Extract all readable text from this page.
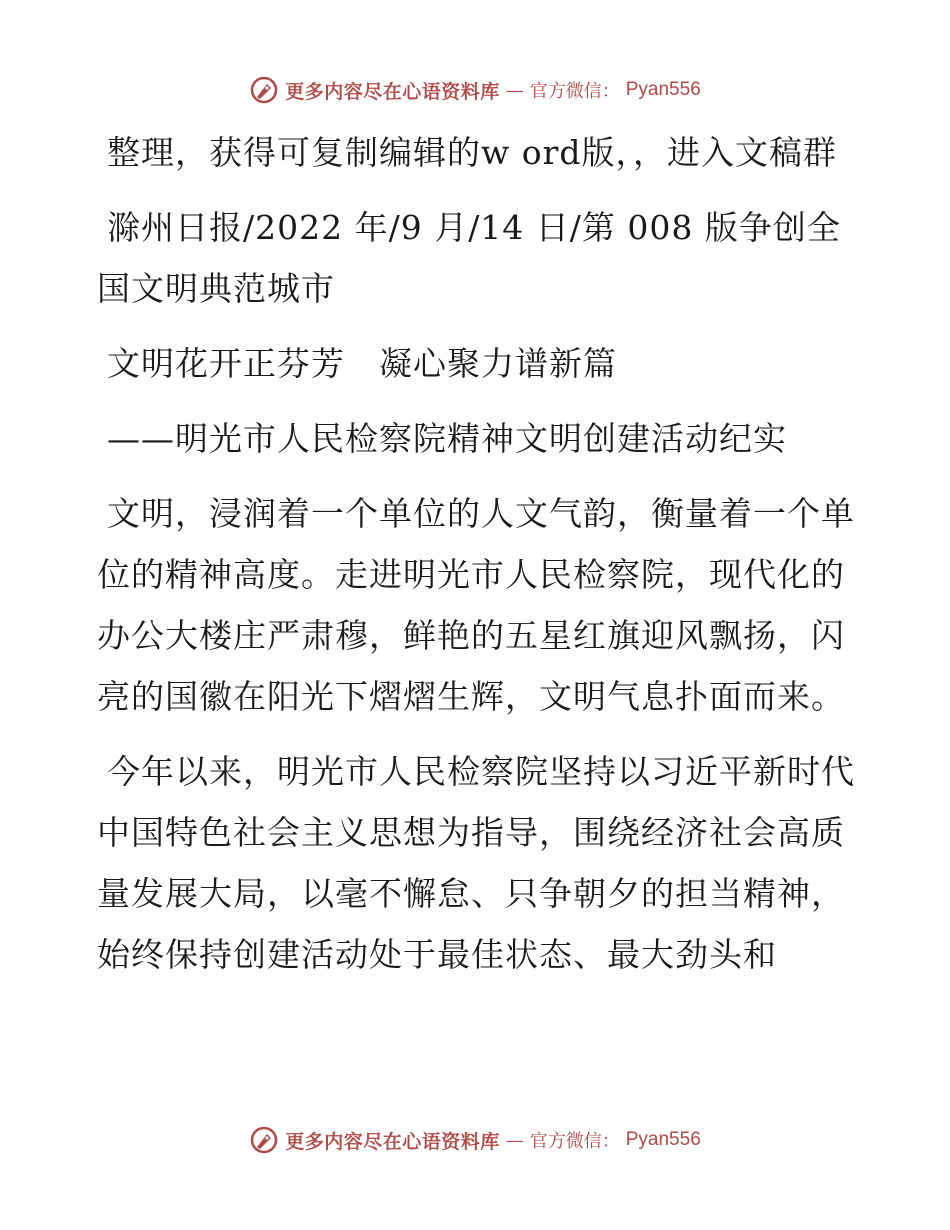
更多内容尽在心语资料库 — 官方微信： Pyan556

整理，获得可复制编辑的w ord版，，进入文稿群

滁州日报/2022 年/9 月/14 日/第 008 版争创全国文明典范城市

文明花开正芬芳　凝心聚力谱新篇

——明光市人民检察院精神文明创建活动纪实

文明，浸润着一个单位的人文气韵，衡量着一个单位的精神高度。走进明光市人民检察院，现代化的办公大楼庄严肃穆，鲜艳的五星红旗迎风飘扬，闪亮的国徽在阳光下熠熠生辉，文明气息扑面而来。

今年以来，明光市人民检察院坚持以习近平新时代中国特色社会主义思想为指导，围绕经济社会高质量发展大局，以毫不懈怠、只争朝夕的担当精神，始终保持创建活动处于最佳状态、最大劲头和

更多内容尽在心语资料库 — 官方微信： Pyan556
